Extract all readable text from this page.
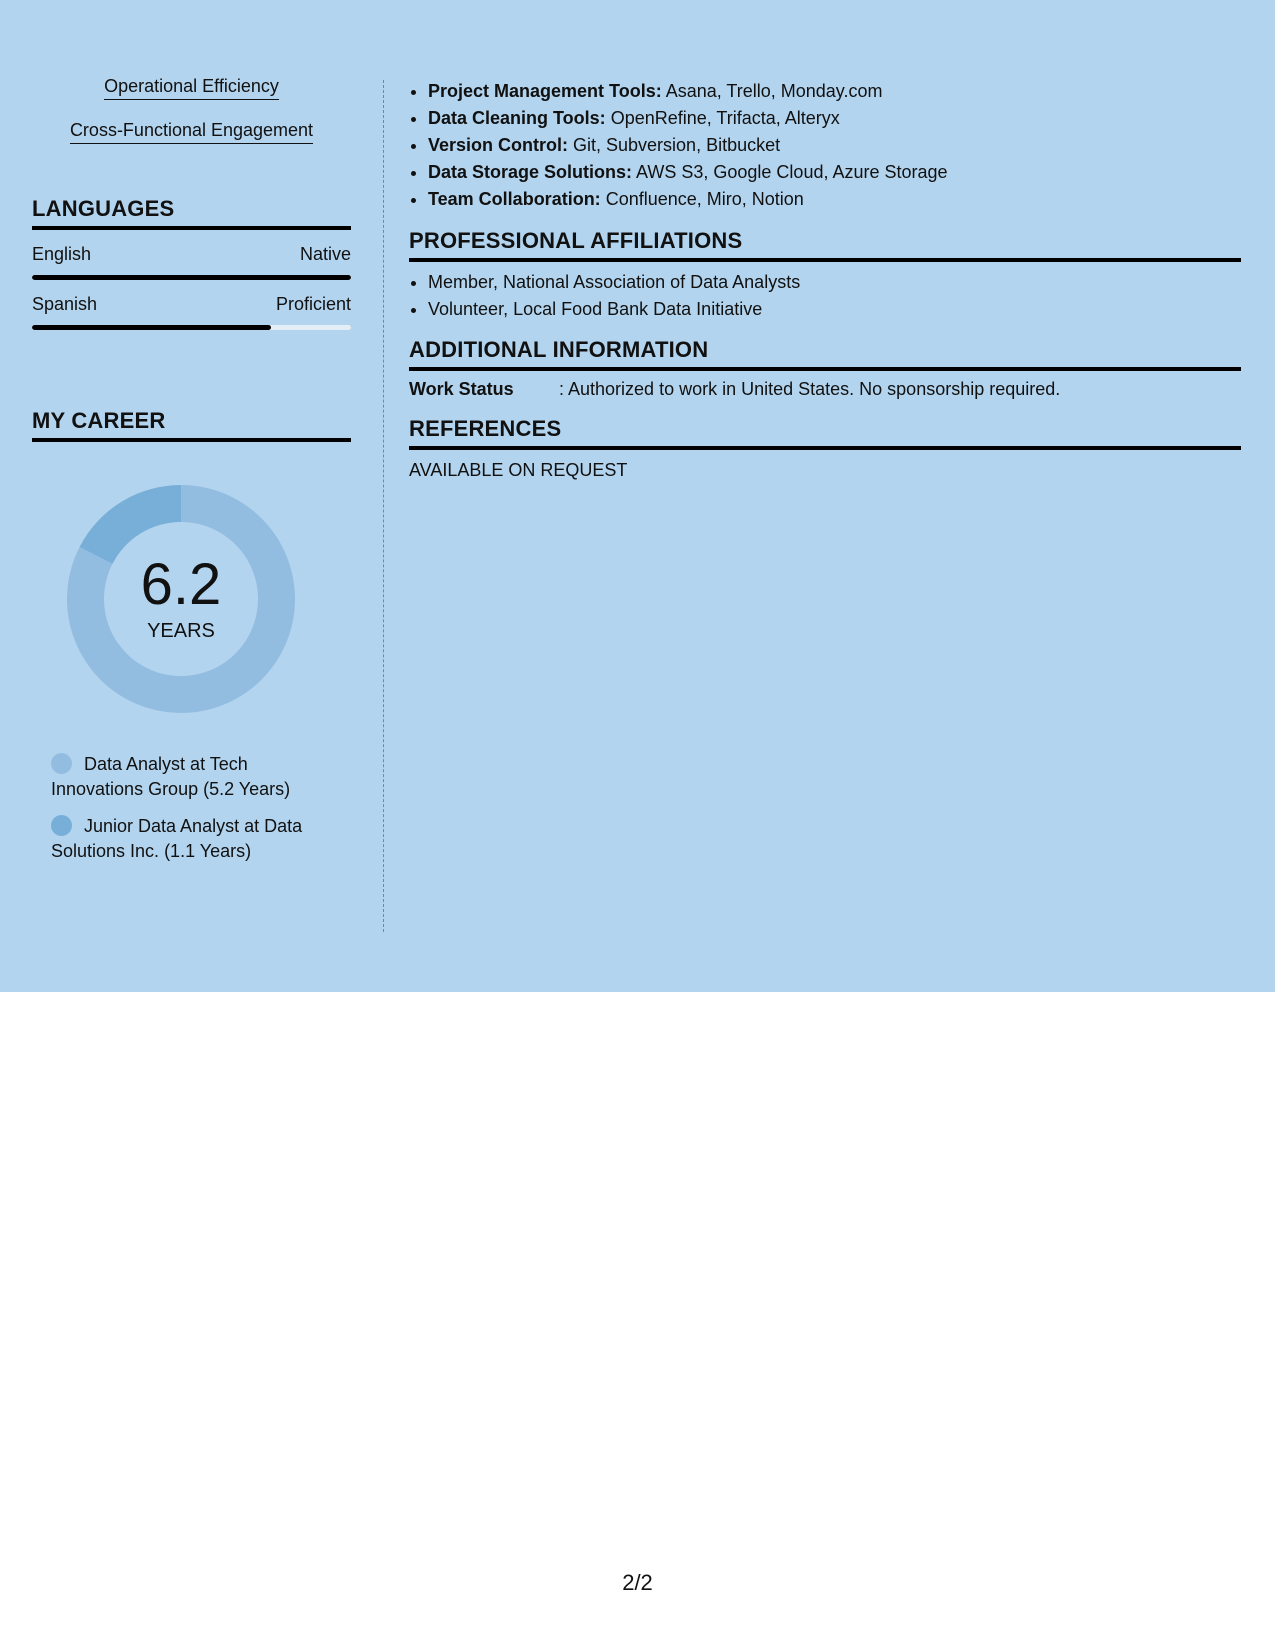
Operational Efficiency
Cross-Functional Engagement
LANGUAGES
English	Native
Spanish	Proficient
MY CAREER
6.2
YEARS
Data Analyst at Tech Innovations Group (5.2 Years)
Junior Data Analyst at Data Solutions Inc. (1.1 Years)
• Project Management Tools: Asana, Trello, Monday.com
• Data Cleaning Tools: OpenRefine, Trifacta, Alteryx
• Version Control: Git, Subversion, Bitbucket
• Data Storage Solutions: AWS S3, Google Cloud, Azure Storage
• Team Collaboration: Confluence, Miro, Notion
PROFESSIONAL AFFILIATIONS
• Member, National Association of Data Analysts
• Volunteer, Local Food Bank Data Initiative
ADDITIONAL INFORMATION
Work Status	: Authorized to work in United States. No sponsorship required.
REFERENCES
AVAILABLE ON REQUEST
2/2
